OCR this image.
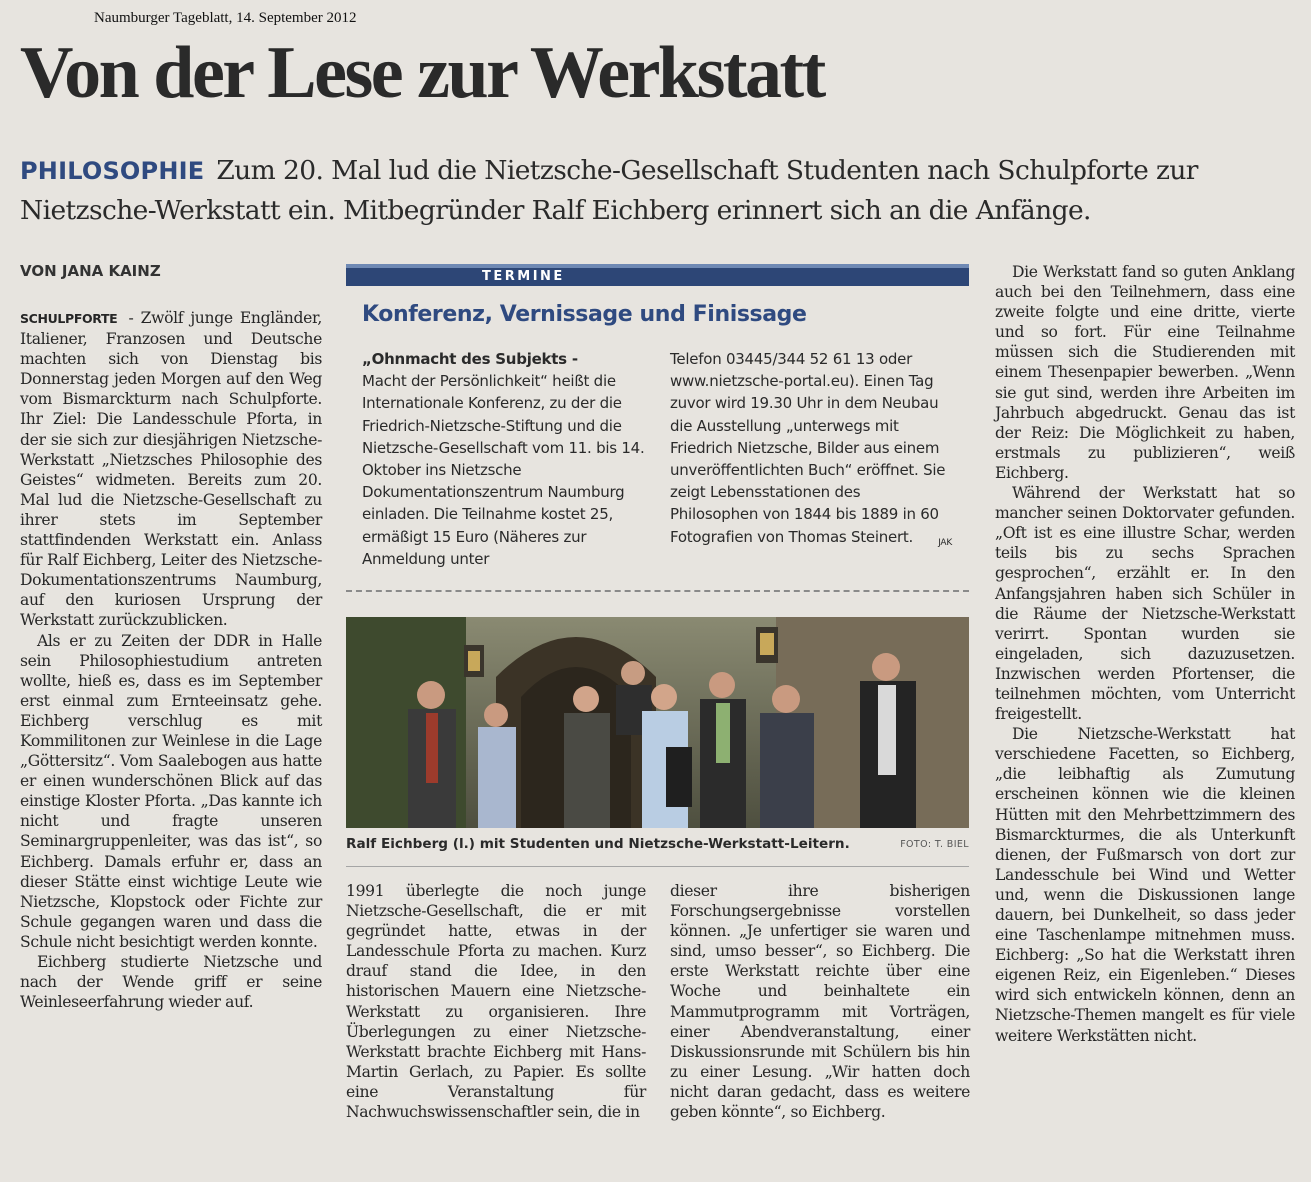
Naumburger Tageblatt, 14. September 2012
Von der Lese zur Werkstatt

PHILOSOPHIE Zum 20. Mal lud die Nietzsche-Gesellschaft Studenten nach Schulpforte zur Nietzsche-Werkstatt ein. Mitbegründer Ralf Eichberg erinnert sich an die Anfänge.

VON JANA KAINZ

SCHULPFORTE - Zwölf junge Engländer, Italiener, Franzosen und Deutsche machten sich von Dienstag bis Donnerstag jeden Morgen auf den Weg vom Bismarckturm nach Schulpforte. Ihr Ziel: Die Landesschule Pforta, in der sie sich zur diesjährigen Nietzsche-Werkstatt „Nietzsches Philosophie des Geistes“ widmeten. Bereits zum 20. Mal lud die Nietzsche-Gesellschaft zu ihrer stets im September stattfindenden Werkstatt ein. Anlass für Ralf Eichberg, Leiter des Nietzsche-Dokumentationszentrums Naumburg, auf den kuriosen Ursprung der Werkstatt zurückzublicken.

Als er zu Zeiten der DDR in Halle sein Philosophiestudium antreten wollte, hieß es, dass es im September erst einmal zum Ernteeinsatz gehe. Eichberg verschlug es mit Kommilitonen zur Weinlese in die Lage „Göttersitz“. Vom Saalebogen aus hatte er einen wunderschönen Blick auf das einstige Kloster Pforta. „Das kannte ich nicht und fragte unseren Seminargruppenleiter, was das ist“, so Eichberg. Damals erfuhr er, dass an dieser Stätte einst wichtige Leute wie Nietzsche, Klopstock oder Fichte zur Schule gegangen waren und dass die Schule nicht besichtigt werden konnte.

Eichberg studierte Nietzsche und nach der Wende griff er seine Weinleseerfahrung wieder auf.

TERMINE
Konferenz, Vernissage und Finissage
„Ohnmacht des Subjekts -
Macht der Persönlichkeit“ heißt die Internationale Konferenz, zu der die Friedrich-Nietzsche-Stiftung und die Nietzsche-Gesellschaft vom 11. bis 14. Oktober ins Nietzsche Dokumentationszentrum Naumburg einladen. Die Teilnahme kostet 25, ermäßigt 15 Euro (Näheres zur Anmeldung unter
Telefon 03445/344 52 61 13 oder www.nietzsche-portal.eu). Einen Tag zuvor wird 19.30 Uhr in dem Neubau die Ausstellung „unterwegs mit Friedrich Nietzsche, Bilder aus einem unveröffentlichten Buch“ eröffnet. Sie zeigt Lebensstationen des Philosophen von 1844 bis 1889 in 60 Fotografien von Thomas Steinert.	JAK
Ralf Eichberg (l.) mit Studenten und Nietzsche-Werkstatt-Leitern.	FOTO: T. BIEL

1991 überlegte die noch junge Nietzsche-Gesellschaft, die er mit gegründet hatte, etwas in der Landesschule Pforta zu machen. Kurz drauf stand die Idee, in den historischen Mauern eine Nietzsche-Werkstatt zu organisieren. Ihre Überlegungen zu einer Nietzsche-Werkstatt brachte Eichberg mit Hans-Martin Gerlach, zu Papier. Es sollte eine Veranstaltung für Nachwuchswissenschaftler sein, die in

dieser ihre bisherigen Forschungsergebnisse vorstellen können. „Je unfertiger sie waren und sind, umso besser“, so Eichberg. Die erste Werkstatt reichte über eine Woche und beinhaltete ein Mammutprogramm mit Vorträgen, einer Abendveranstaltung, einer Diskussionsrunde mit Schülern bis hin zu einer Lesung. „Wir hatten doch nicht daran gedacht, dass es weitere geben könnte“, so Eichberg.

Die Werkstatt fand so guten Anklang auch bei den Teilnehmern, dass eine zweite folgte und eine dritte, vierte und so fort. Für eine Teilnahme müssen sich die Studierenden mit einem Thesenpapier bewerben. „Wenn sie gut sind, werden ihre Arbeiten im Jahrbuch abgedruckt. Genau das ist der Reiz: Die Möglichkeit zu haben, erstmals zu publizieren“, weiß Eichberg.

Während der Werkstatt hat so mancher seinen Doktorvater gefunden. „Oft ist es eine illustre Schar, werden teils bis zu sechs Sprachen gesprochen“, erzählt er. In den Anfangsjahren haben sich Schüler in die Räume der Nietzsche-Werkstatt verirrt. Spontan wurden sie eingeladen, sich dazuzusetzen. Inzwischen werden Pfortenser, die teilnehmen möchten, vom Unterricht freigestellt.

Die Nietzsche-Werkstatt hat verschiedene Facetten, so Eichberg, „die leibhaftig als Zumutung erscheinen können wie die kleinen Hütten mit den Mehrbettzimmern des Bismarckturmes, die als Unterkunft dienen, der Fußmarsch von dort zur Landesschule bei Wind und Wetter und, wenn die Diskussionen lange dauern, bei Dunkelheit, so dass jeder eine Taschenlampe mitnehmen muss. Eichberg: „So hat die Werkstatt ihren eigenen Reiz, ein Eigenleben.“ Dieses wird sich entwickeln können, denn an Nietzsche-Themen mangelt es für viele weitere Werkstätten nicht.
